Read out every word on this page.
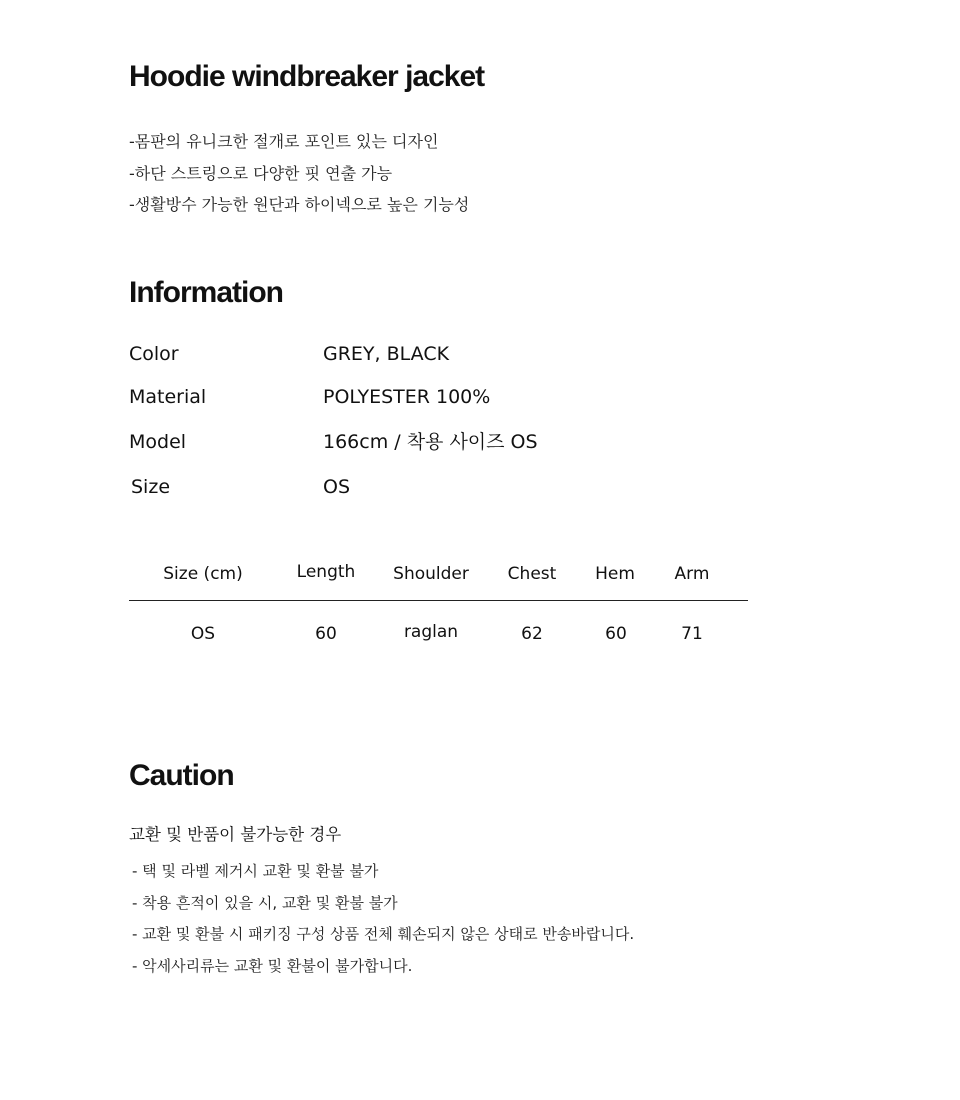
Hoodie windbreaker jacket
-몸판의 유니크한 절개로 포인트 있는 디자인
-하단 스트링으로 다양한 핏 연출 가능
-생활방수 가능한 원단과 하이넥으로 높은 기능성
Information
Color	GREY, BLACK
Material	POLYESTER 100%
Model	166cm / 착용 사이즈 OS
Size	OS
Size (cm)	Length Shoulder Chest Hem Arm
OS	60	raglan	62	60	71
Caution
교환 및 반품이 불가능한 경우
- 택 및 라벨 제거시 교환 및 환불 불가
- 착용 흔적이 있을 시, 교환 및 환불 불가
- 교환 및 환불 시 패키징 구성 상품 전체 훼손되지 않은 상태로 반송바랍니다.
- 악세사리류는 교환 및 환불이 불가합니다.
